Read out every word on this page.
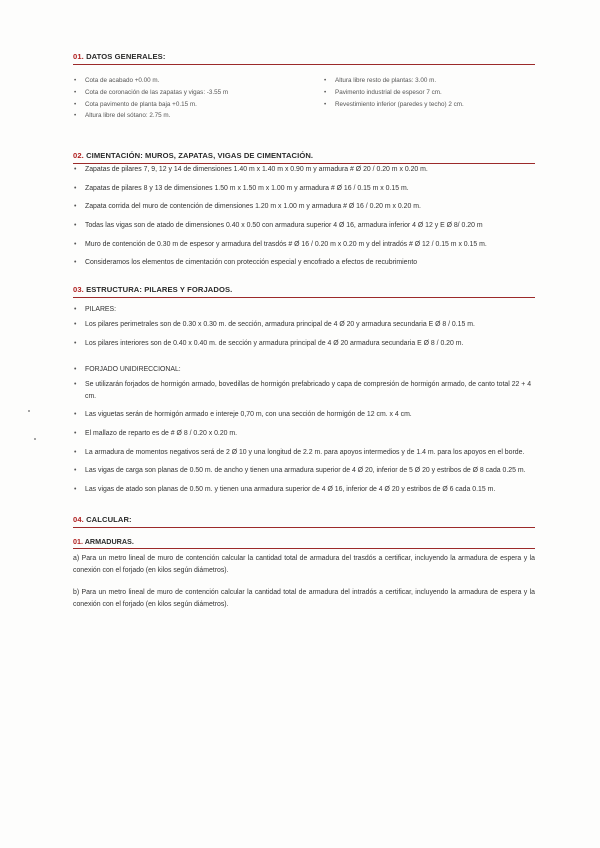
01. DATOS GENERALES:
• Cota de acabado +0.00 m.
• Cota de coronación de las zapatas y vigas: -3.55 m
• Cota pavimento de planta baja +0.15 m.
• Altura libre del sótano: 2.75 m.
• Altura libre resto de plantas: 3.00 m.
• Pavimento industrial de espesor 7 cm.
• Revestimiento inferior (paredes y techo) 2 cm.
02. CIMENTACIÓN: MUROS, ZAPATAS, VIGAS DE CIMENTACIÓN.
• Zapatas de pilares 7, 9, 12 y 14 de dimensiones 1.40 m x 1.40 m x 0.90 m y armadura # Ø 20 / 0.20 m x 0.20 m.
• Zapatas de pilares 8 y 13 de dimensiones 1.50 m x 1.50 m x 1.00 m y armadura # Ø 16 / 0.15 m x 0.15 m.
• Zapata corrida del muro de contención de dimensiones 1.20 m x 1.00 m y armadura # Ø 16 / 0.20 m x 0.20 m.
• Todas las vigas son de atado de dimensiones 0.40 x 0.50 con armadura superior 4 Ø 16, armadura inferior 4 Ø 12 y E Ø 8/ 0.20 m
• Muro de contención de 0.30 m de espesor y armadura del trasdós # Ø 16 / 0.20 m x 0.20 m y del intradós # Ø 12 / 0.15 m x 0.15 m.
• Consideramos los elementos de cimentación con protección especial y encofrado a efectos de recubrimiento
03. ESTRUCTURA: PILARES Y FORJADOS.
• PILARES:
• Los pilares perimetrales son de 0.30 x 0.30 m. de sección, armadura principal de 4 Ø 20 y armadura secundaria E Ø 8 / 0.15 m.
• Los pilares interiores son de 0.40 x 0.40 m. de sección y armadura principal de 4 Ø 20 armadura secundaria E Ø 8 / 0.20 m.
• FORJADO UNIDIRECCIONAL:
• Se utilizarán forjados de hormigón armado, bovedillas de hormigón prefabricado y capa de compresión de hormigón armado, de canto total 22 + 4 cm.
• Las viguetas serán de hormigón armado e intereje 0,70 m, con una sección de hormigón de 12 cm. x 4 cm.
• El mallazo de reparto es de # Ø 8 / 0.20 x 0.20 m.
• La armadura de momentos negativos será de 2 Ø 10 y una longitud de 2.2 m. para apoyos intermedios y de 1.4 m. para los apoyos en el borde.
• Las vigas de carga son planas de 0.50 m. de ancho y tienen una armadura superior de 4 Ø 20, inferior de 5 Ø 20 y estribos de Ø 8 cada 0.25 m.
• Las vigas de atado son planas de 0.50 m. y tienen una armadura superior de 4 Ø 16, inferior de 4 Ø 20 y estribos de Ø 6 cada 0.15 m.
04. CALCULAR:
01. ARMADURAS.

a) Para un metro lineal de muro de contención calcular la cantidad total de armadura del trasdós a certificar, incluyendo la armadura de espera y la conexión con el forjado (en kilos según diámetros).

b) Para un metro lineal de muro de contención calcular la cantidad total de armadura del intradós a certificar, incluyendo la armadura de espera y la conexión con el forjado (en kilos según diámetros).
